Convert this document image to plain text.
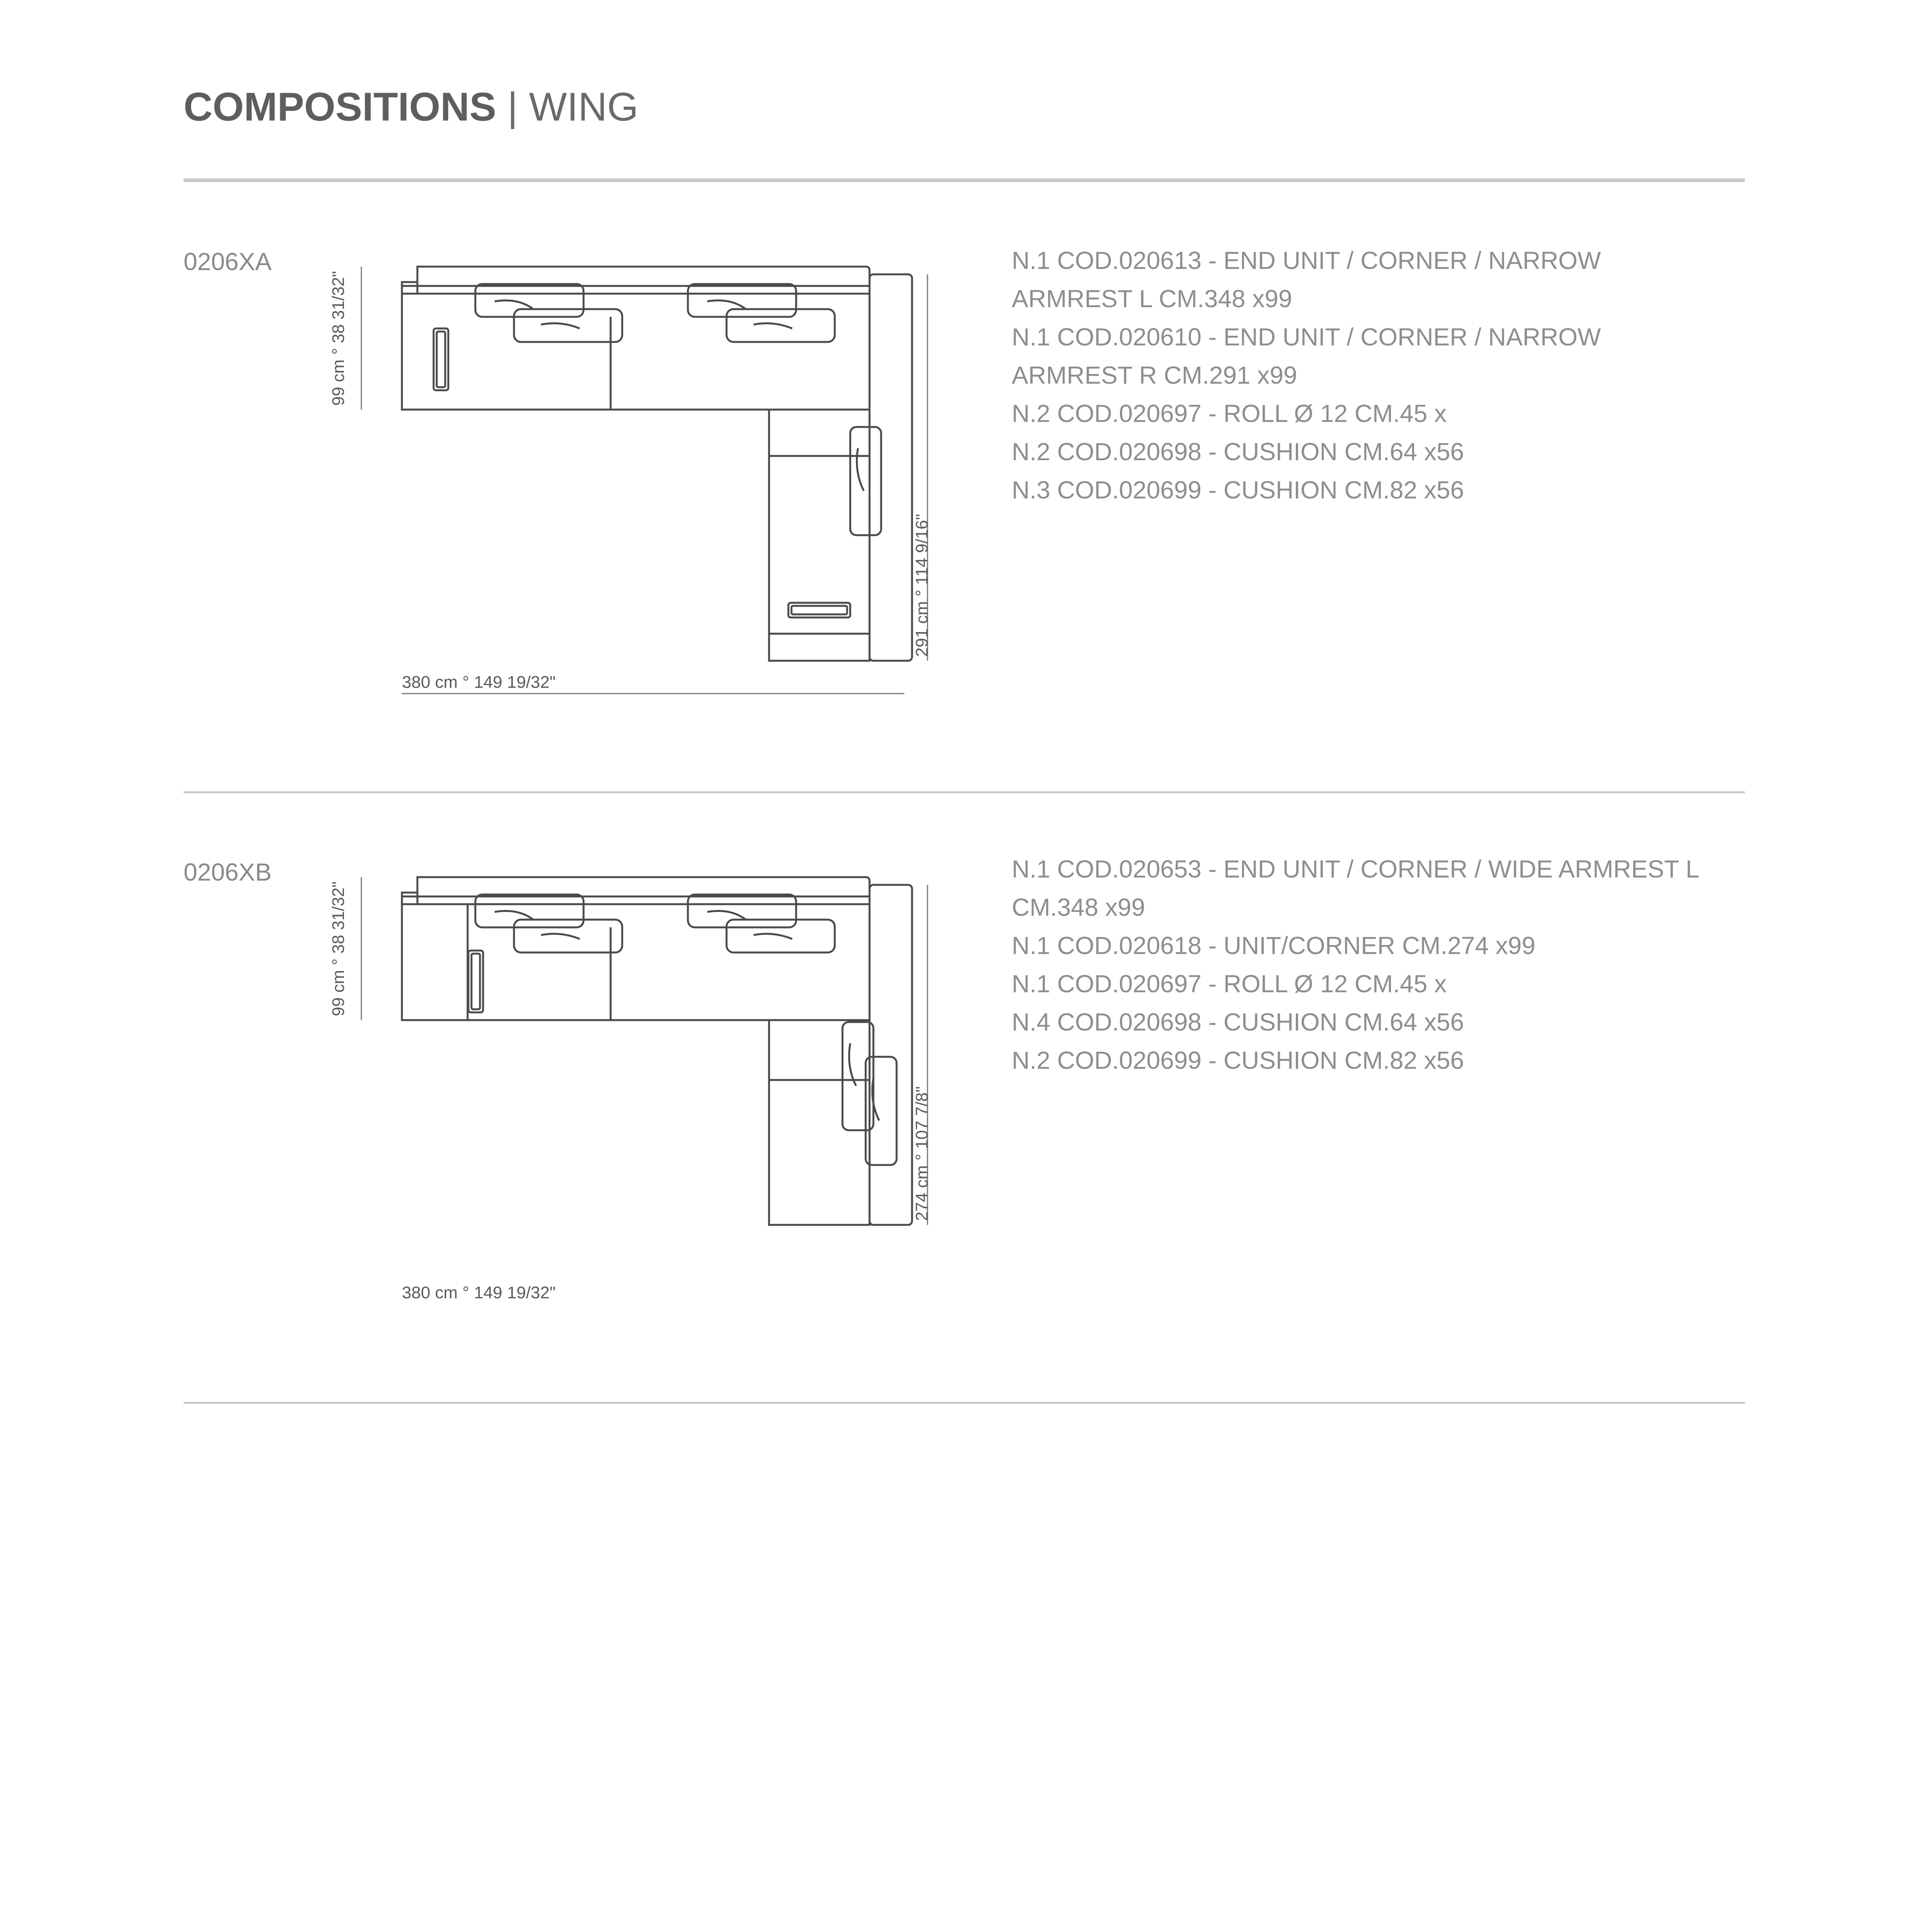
COMPOSITIONS | WING
0206XA
99 cm ° 38 31/32"
380 cm ° 149 19/32"
291 cm ° 114 9/16"
N.1 COD.020613 - END UNIT / CORNER / NARROW
ARMREST L CM.348 x99
N.1 COD.020610 - END UNIT / CORNER / NARROW
ARMREST R CM.291 x99
N.2 COD.020697 - ROLL Ø 12 CM.45 x
N.2 COD.020698 - CUSHION CM.64 x56
N.3 COD.020699 - CUSHION CM.82 x56
0206XB
99 cm ° 38 31/32"
380 cm ° 149 19/32"
274 cm ° 107 7/8"
N.1 COD.020653 - END UNIT / CORNER / WIDE ARMREST L
CM.348 x99
N.1 COD.020618 - UNIT/CORNER CM.274 x99
N.1 COD.020697 - ROLL Ø 12 CM.45 x
N.4 COD.020698 - CUSHION CM.64 x56
N.2 COD.020699 - CUSHION CM.82 x56
